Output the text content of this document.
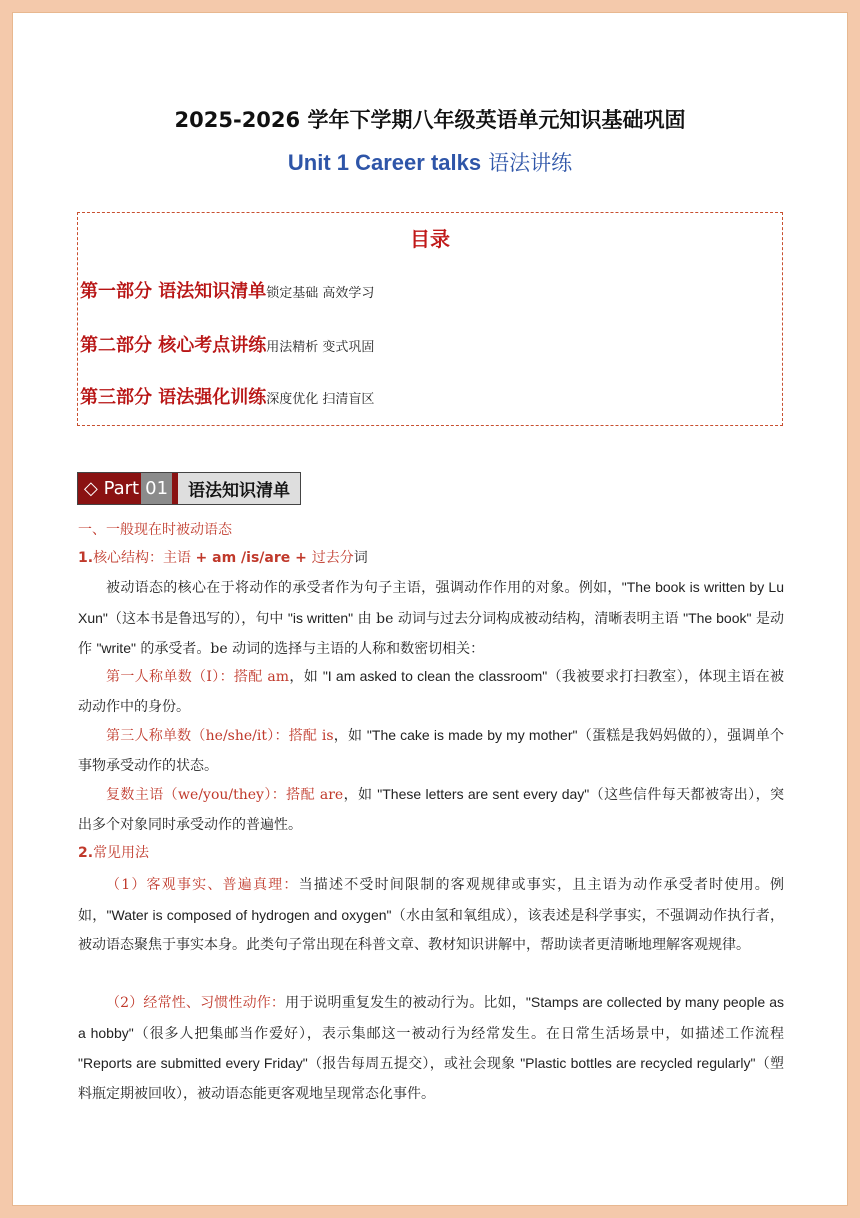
2025-2026 学年下学期八年级英语单元知识基础巩固
Unit 1 Career talks 语法讲练
目录
第一部分 语法知识清单锁定基础 高效学习
第二部分 核心考点讲练用法精析 变式巩固
第三部分 语法强化训练深度优化 扫清盲区
◇
Part 01	语法知识清单
一、一般现在时被动语态
1.核心结构：主语 + am /is/are + 过去分词

被动语态的核心在于将动作的承受者作为句子主语，强调动作作用的对象。例如，"The book is written by Lu Xun"（这本书是鲁迅写的），句中 "is written" 由 be 动词与过去分词构成被动结构，清晰表明主语 "The book" 是动作 "write" 的承受者。be 动词的选择与主语的人称和数密切相关：

第一人称单数（I）：搭配 am，如 "I am asked to clean the classroom"（我被要求打扫教室），体现主语在被动动作中的身份。

第三人称单数（he/she/it）：搭配 is，如 "The cake is made by my mother"（蛋糕是我妈妈做的），强调单个事物承受动作的状态。

复数主语（we/you/they）：搭配 are，如 "These letters are sent every day"（这些信件每天都被寄出），突出多个对象同时承受动作的普遍性。

2.常见用法

（1）客观事实、普遍真理：当描述不受时间限制的客观规律或事实，且主语为动作承受者时使用。例如，"Water is composed of hydrogen and oxygen"（水由氢和氧组成），该表述是科学事实，不强调动作执行者，被动语态聚焦于事实本身。此类句子常出现在科普文章、教材知识讲解中，帮助读者更清晰地理解客观规律。

（2）经常性、习惯性动作：用于说明重复发生的被动行为。比如，"Stamps are collected by many people as a hobby"（很多人把集邮当作爱好），表示集邮这一被动行为经常发生。在日常生活场景中，如描述工作流程 "Reports are submitted every Friday"（报告每周五提交），或社会现象 "Plastic bottles are recycled regularly"（塑料瓶定期被回收），被动语态能更客观地呈现常态化事件。
